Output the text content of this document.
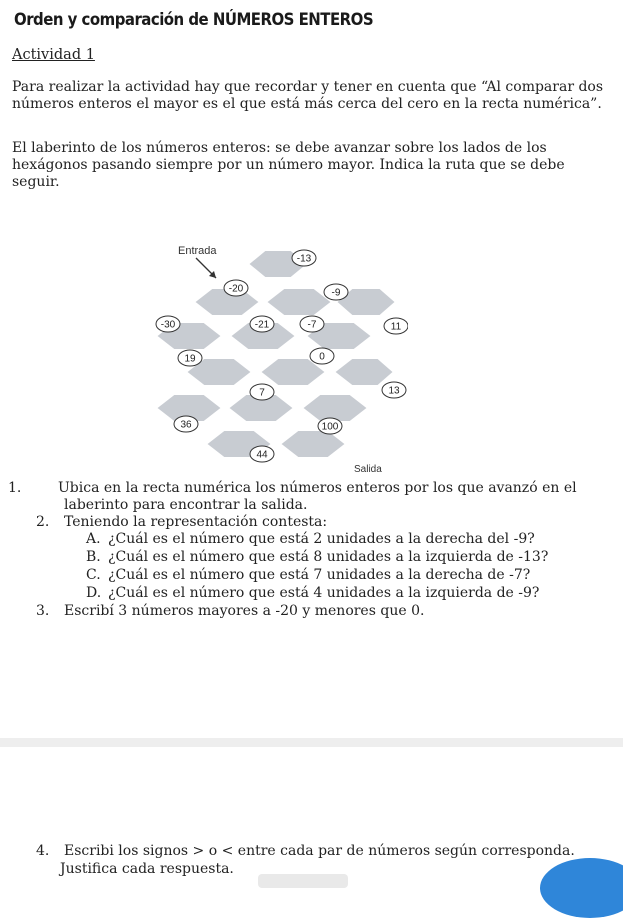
Orden y comparación de NÚMEROS ENTEROS
Actividad 1
Para realizar la actividad hay que recordar y tener en cuenta que “Al comparar dos números enteros el mayor es el que está más cerca del cero en la recta numérica”.
El laberinto de los números enteros: se debe avanzar sobre los lados de los hexágonos pasando siempre por un número mayor. Indica la ruta que se debe seguir.
Entrada
Salida
-13
-20	-9
-30	-21	-7	11
19	0
7	13
36	100
44
1.	Ubica en la recta numérica los números enteros por los que avanzó en el laberinto para encontrar la salida.
2. Teniendo la representación contesta:
A. ¿Cuál es el número que está 2 unidades a la derecha del -9?
B. ¿Cuál es el número que está 8 unidades a la izquierda de -13?
C. ¿Cuál es el número que está 7 unidades a la derecha de -7?
D. ¿Cuál es el número que está 4 unidades a la izquierda de -9?
3. Escribí 3 números mayores a -20 y menores que 0.
4. Escribi los signos > o < entre cada par de números según corresponda.
Justifica cada respuesta.
